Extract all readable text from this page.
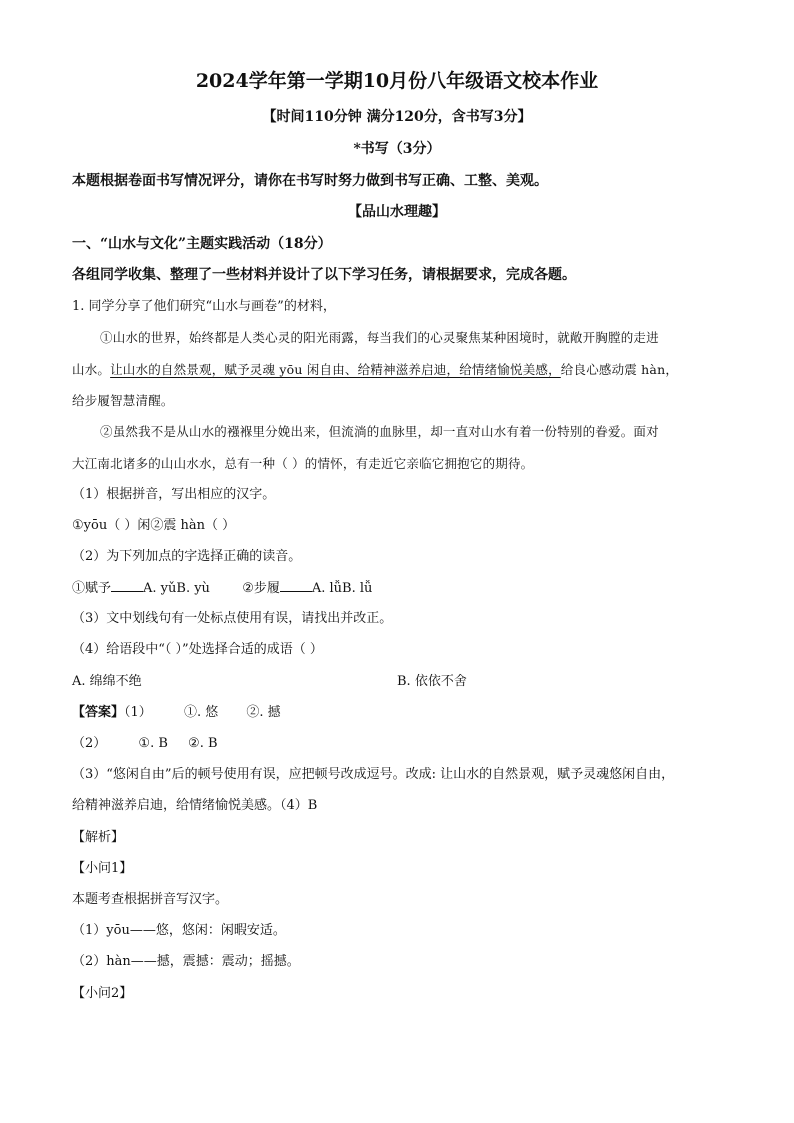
2024学年第一学期10月份八年级语文校本作业
【时间110分钟 满分120分，含书写3分】
*书写（3分）
本题根据卷面书写情况评分，请你在书写时努力做到书写正确、工整、美观。
【品山水理趣】
一、“山水与文化”主题实践活动（18分）
各组同学收集、整理了一些材料并设计了以下学习任务，请根据要求，完成各题。
1. 同学分享了他们研究“山水与画卷”的材料，
①山水的世界，始终都是人类心灵的阳光雨露，每当我们的心灵聚焦某种困境时，就敞开胸膛的走进
山水。让山水的自然景观，赋予灵魂 yōu 闲自由、给精神滋养启迪，给情绪愉悦美感，给良心感动震 hàn，
给步履智慧清醒。
②虽然我不是从山水的襁褓里分娩出来，但流淌的血脉里，却一直对山水有着一份特别的眷爱。面对
大江南北诸多的山山水水，总有一种（ ）的情怀，有走近它亲临它拥抱它的期待。
（1）根据拼音，写出相应的汉字。
①yōu（ ）闲②震 hàn（ ）
（2）为下列加点的字选择正确的读音。
①赋予 A. yǔB. yù ②步履 A. lǚB. lǚ
（3）文中划线句有一处标点使用有误，请找出并改正。
（4）给语段中“（ ）”处选择合适的成语（ ）
A. 绵绵不绝	B. 依依不舍
【答案】（1） ①. 悠 ②. 撼
（2） ①. B ②. B
（3）“悠闲自由”后的顿号使用有误，应把顿号改成逗号。改成: 让山水的自然景观，赋予灵魂悠闲自由，
给精神滋养启迪，给情绪愉悦美感。（4）B
【解析】
【小问1】
本题考查根据拼音写汉字。
（1）yōu——悠，悠闲：闲暇安适。
（2）hàn——撼，震撼：震动；摇撼。
【小问2】
